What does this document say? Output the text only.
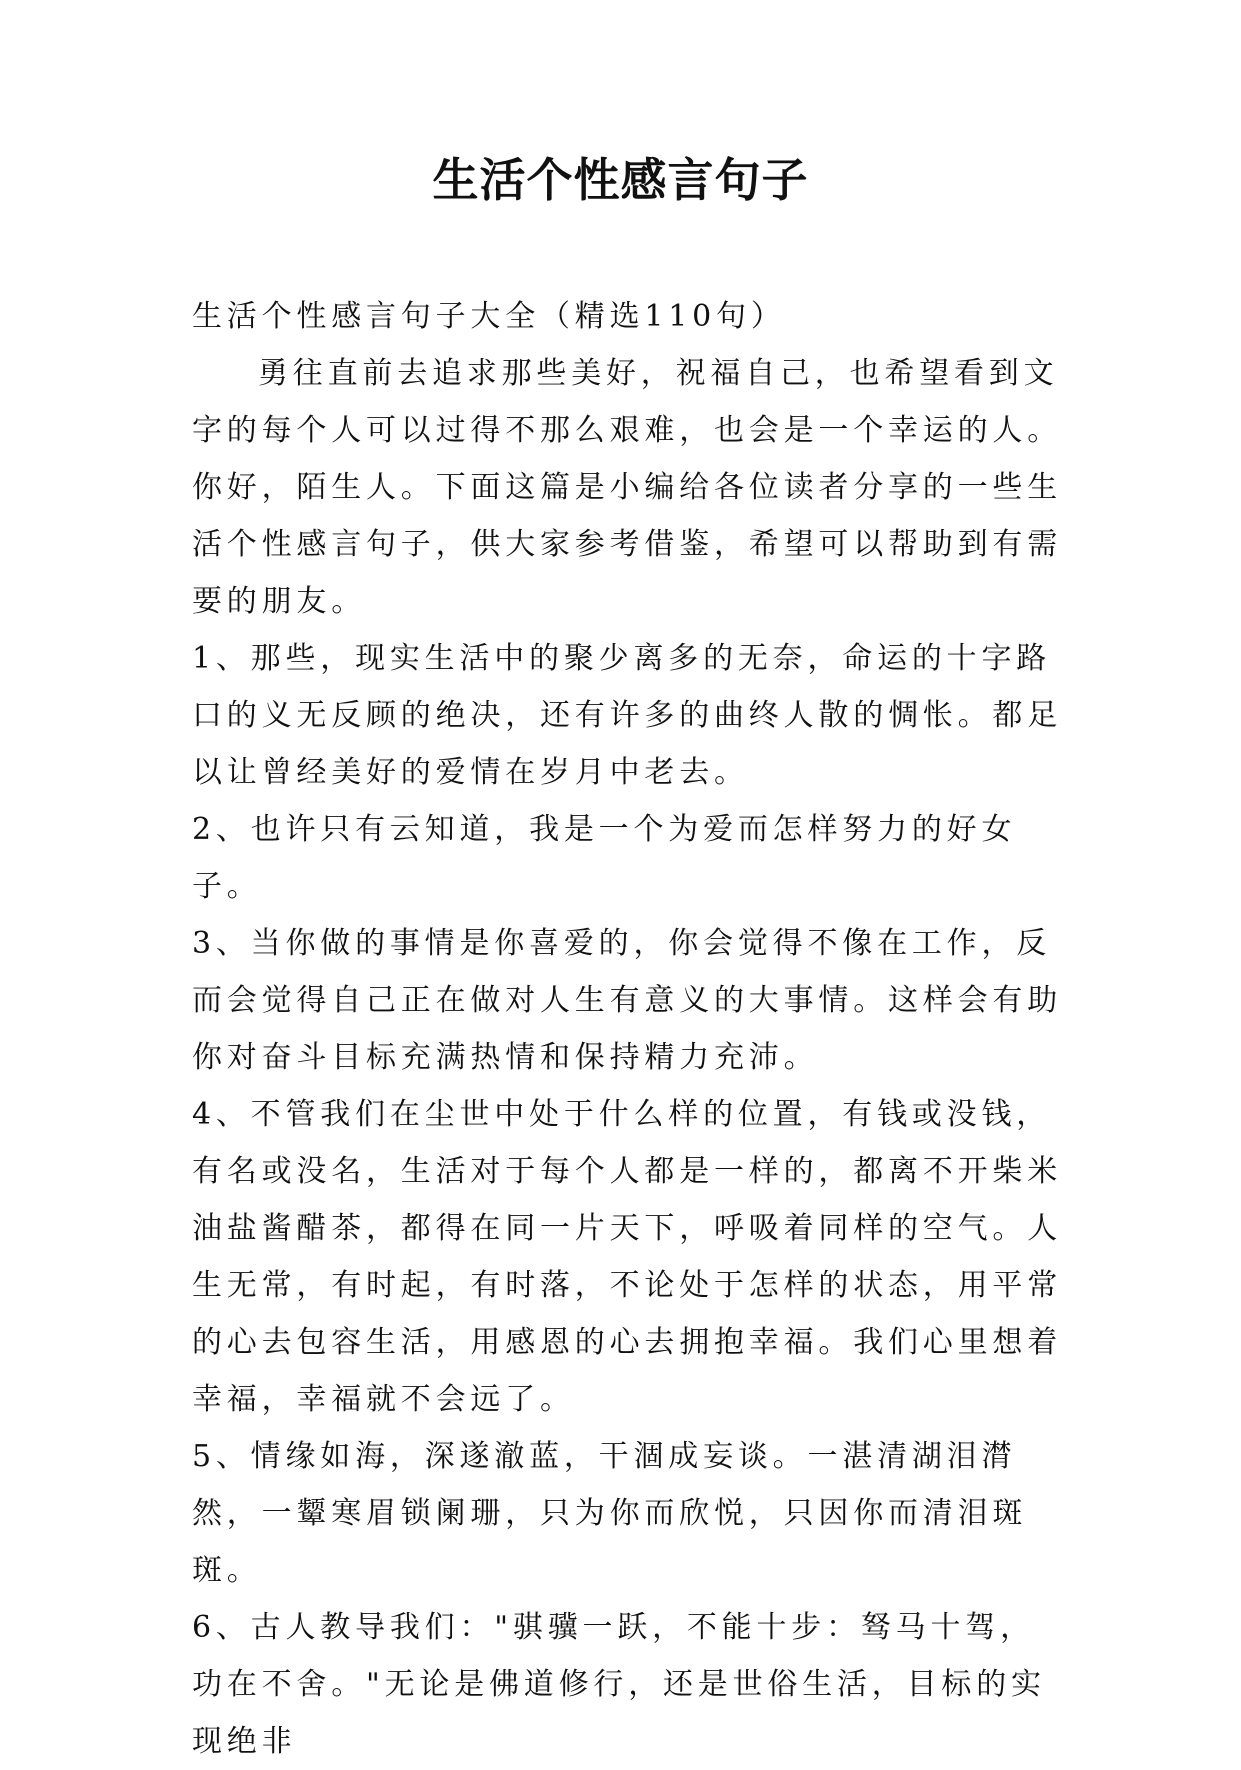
生活个性感言句子

生活个性感言句子大全（精选110句）

勇往直前去追求那些美好，祝福自己，也希望看到文字的每个人可以过得不那么艰难，也会是一个幸运的人。你好，陌生人。下面这篇是小编给各位读者分享的一些生活个性感言句子，供大家参考借鉴，希望可以帮助到有需要的朋友。

1、那些，现实生活中的聚少离多的无奈，命运的十字路口的义无反顾的绝决，还有许多的曲终人散的惆怅。都足以让曾经美好的爱情在岁月中老去。

2、也许只有云知道，我是一个为爱而怎样努力的好女子。

3、当你做的事情是你喜爱的，你会觉得不像在工作，反而会觉得自己正在做对人生有意义的大事情。这样会有助你对奋斗目标充满热情和保持精力充沛。

4、不管我们在尘世中处于什么样的位置，有钱或没钱，有名或没名，生活对于每个人都是一样的，都离不开柴米油盐酱醋茶，都得在同一片天下，呼吸着同样的空气。人生无常，有时起，有时落，不论处于怎样的状态，用平常的心去包容生活，用感恩的心去拥抱幸福。我们心里想着幸福，幸福就不会远了。

5、情缘如海，深遂澈蓝，干涸成妄谈。一湛清湖泪潸然，一颦寒眉锁阑珊，只为你而欣悦，只因你而清泪斑斑。

6、古人教导我们："骐骥一跃，不能十步：驽马十驾，功在不舍。"无论是佛道修行，还是世俗生活，目标的实现绝非
